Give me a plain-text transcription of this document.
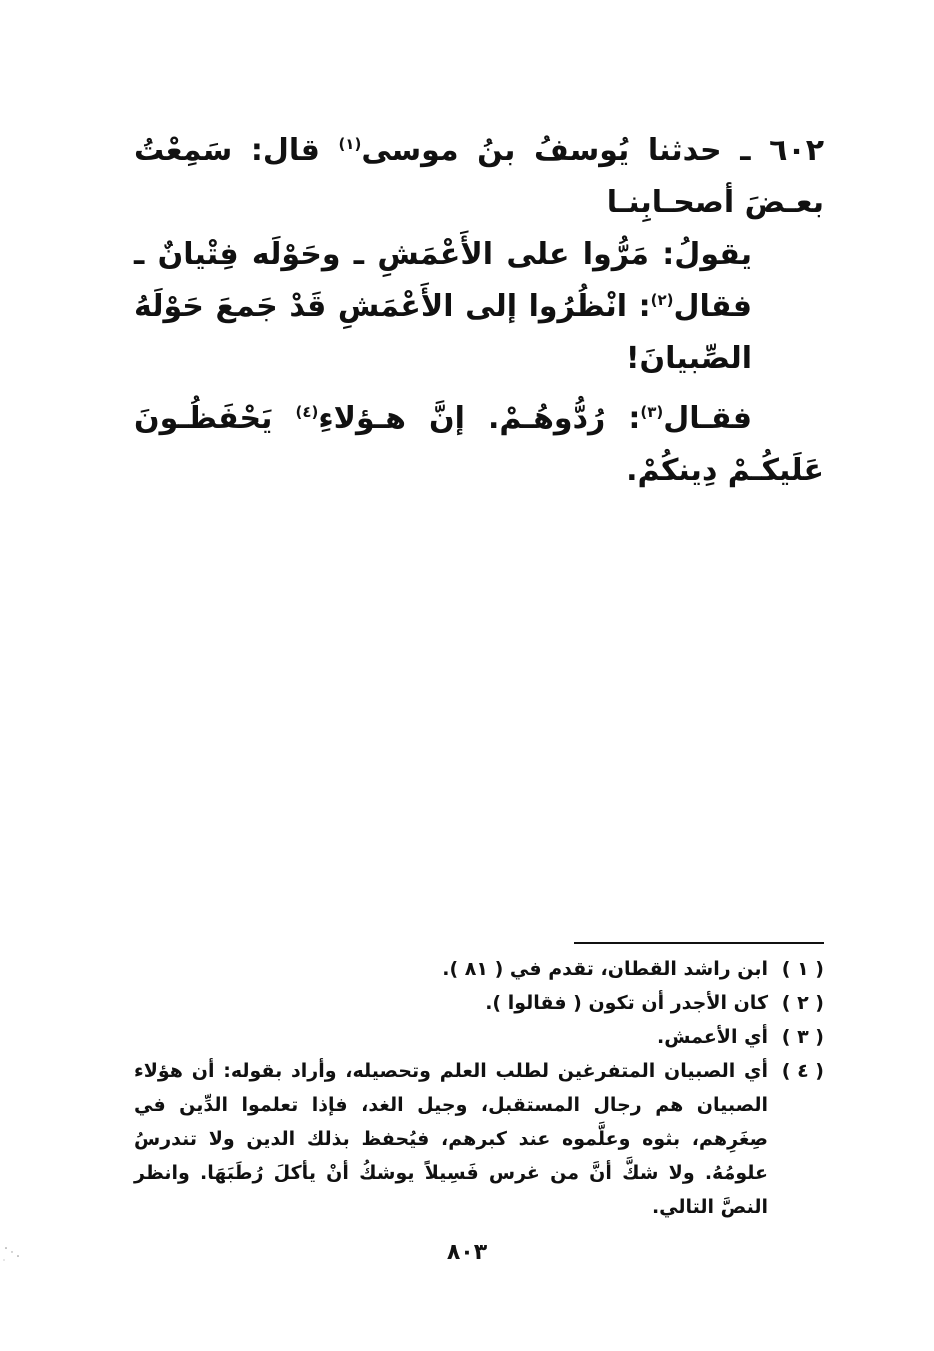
٦٠٢ ـ حدثنا يُوسفُ بنُ موسى$^{(١)}$ قال: سَمِعْتُ بعـضَ أصحـابِنـا
يقولُ: مَرُّوا على الأَعْمَشِ ـ وحَوْلَه فِتْيانٌ ـ فقال$^{(٢)}$: انْظُرُوا إلى الأَعْمَشِ قَدْ جَمعَ حَوْلَهُ الصِّبيانَ!

فقـال$^{(٣)}$: رُدُّوهُـمْ. إنَّ هـؤلاءِ$^{(٤)}$ يَحْفَظُـونَ عَلَيكُـمْ دِينكُمْ.

( ١ )
ابن راشد القطان، تقدم في ( ٨١ ).
( ٢ )
كان الأجدر أن تكون ( فقالوا ).
( ٣ )
أي الأعمش.
( ٤ )
أي الصبيان المتفرغين لطلب العلم وتحصيله، وأراد بقوله: أن هؤلاء الصبيان هم رجال المستقبل، وجيل الغد، فإذا تعلموا الدِّين في صِغَرِهم، بثوه وعلَّموه عند كبرهم، فيُحفظ بذلك الدين ولا تندرسُ علومُهُ. ولا شكَّ أنَّ من غرس فَسِيلاً يوشكُ أنْ يأكلَ رُطَبَهَا. وانظر النصَّ التالي.
٨٠٣
